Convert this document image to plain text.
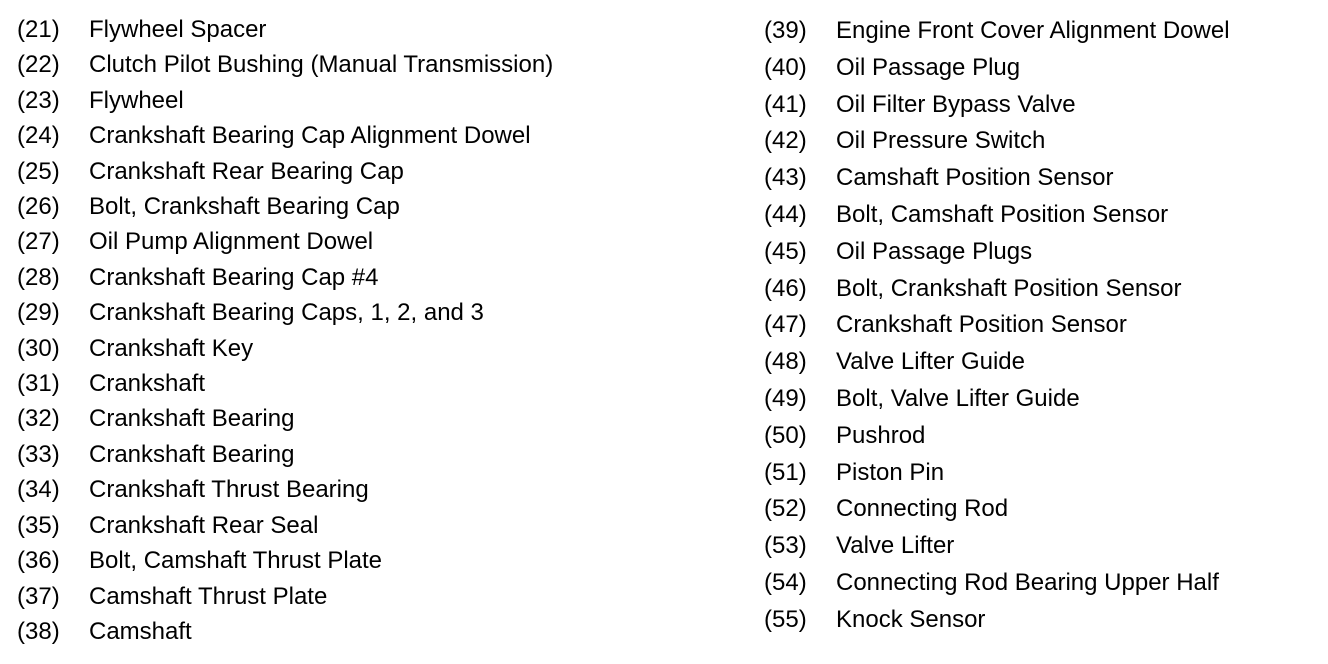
(21)	Flywheel Spacer
(22)	Clutch Pilot Bushing (Manual Transmission)
(23)	Flywheel
(24)	Crankshaft Bearing Cap Alignment Dowel
(25)	Crankshaft Rear Bearing Cap
(26)	Bolt, Crankshaft Bearing Cap
(27)	Oil Pump Alignment Dowel
(28)	Crankshaft Bearing Cap #4
(29)	Crankshaft Bearing Caps, 1, 2, and 3
(30)	Crankshaft Key
(31)	Crankshaft
(32)	Crankshaft Bearing
(33)	Crankshaft Bearing
(34)	Crankshaft Thrust Bearing
(35)	Crankshaft Rear Seal
(36)	Bolt, Camshaft Thrust Plate
(37)	Camshaft Thrust Plate
(38)	Camshaft
(39)	Engine Front Cover Alignment Dowel
(40)	Oil Passage Plug
(41)	Oil Filter Bypass Valve
(42)	Oil Pressure Switch
(43)	Camshaft Position Sensor
(44)	Bolt, Camshaft Position Sensor
(45)	Oil Passage Plugs
(46)	Bolt, Crankshaft Position Sensor
(47)	Crankshaft Position Sensor
(48)	Valve Lifter Guide
(49)	Bolt, Valve Lifter Guide
(50)	Pushrod
(51)	Piston Pin
(52)	Connecting Rod
(53)	Valve Lifter
(54)	Connecting Rod Bearing Upper Half
(55)	Knock Sensor
